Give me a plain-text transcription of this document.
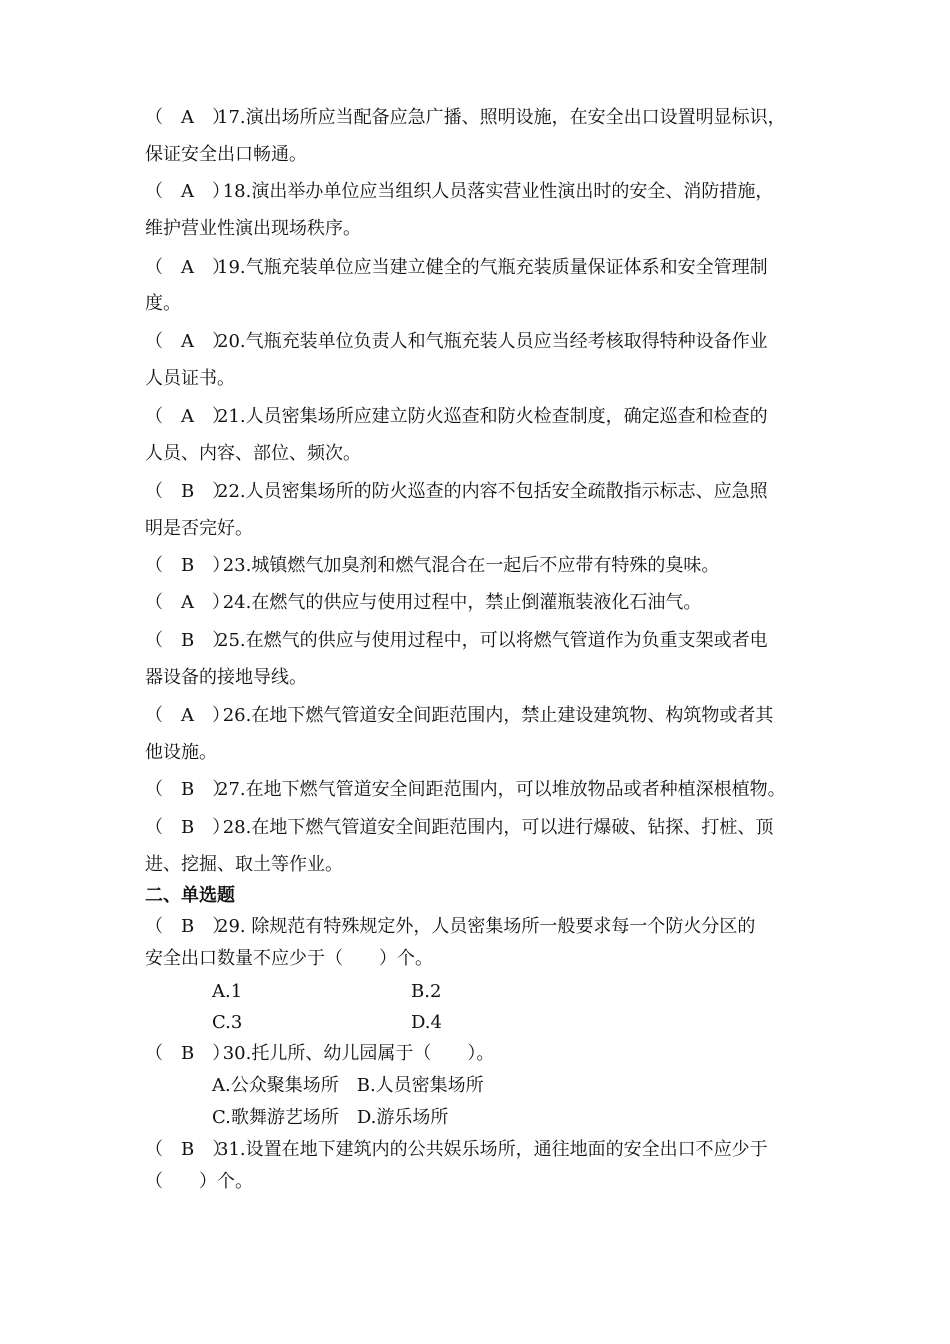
（　A　）17.演出场所应当配备应急广播、照明设施，在安全出口设置明显标识，
保证安全出口畅通。
（　A　） 18.演出举办单位应当组织人员落实营业性演出时的安全、消防措施，
维护营业性演出现场秩序。
（　A　）19.气瓶充装单位应当建立健全的气瓶充装质量保证体系和安全管理制
度。
（　A　）20.气瓶充装单位负责人和气瓶充装人员应当经考核取得特种设备作业
人员证书。
（　A　）21.人员密集场所应建立防火巡查和防火检查制度，确定巡查和检查的
人员、内容、部位、频次。
（　B　）22.人员密集场所的防火巡查的内容不包括安全疏散指示标志、应急照
明是否完好。
（　B　） 23.城镇燃气加臭剂和燃气混合在一起后不应带有特殊的臭味。
（　A　） 24.在燃气的供应与使用过程中，禁止倒灌瓶装液化石油气。
（　B　）25.在燃气的供应与使用过程中，可以将燃气管道作为负重支架或者电
器设备的接地导线。
（　A　） 26.在地下燃气管道安全间距范围内，禁止建设建筑物、构筑物或者其
他设施。
（　B　）27.在地下燃气管道安全间距范围内，可以堆放物品或者种植深根植物。
（　B　） 28.在地下燃气管道安全间距范围内，可以进行爆破、钻探、打桩、顶
进、挖掘、取土等作业。
二、单选题
（　B　）29. 除规范有特殊规定外，人员密集场所一般要求每一个防火分区的
安全出口数量不应少于（　　）个。
A.1	B.2
C.3	D.4
（　B　） 30.托儿所、幼儿园属于（　　）。
A.公众聚集场所　B.人员密集场所
C.歌舞游艺场所　D.游乐场所
（　B　）31.设置在地下建筑内的公共娱乐场所，通往地面的安全出口不应少于
（　　）个。
